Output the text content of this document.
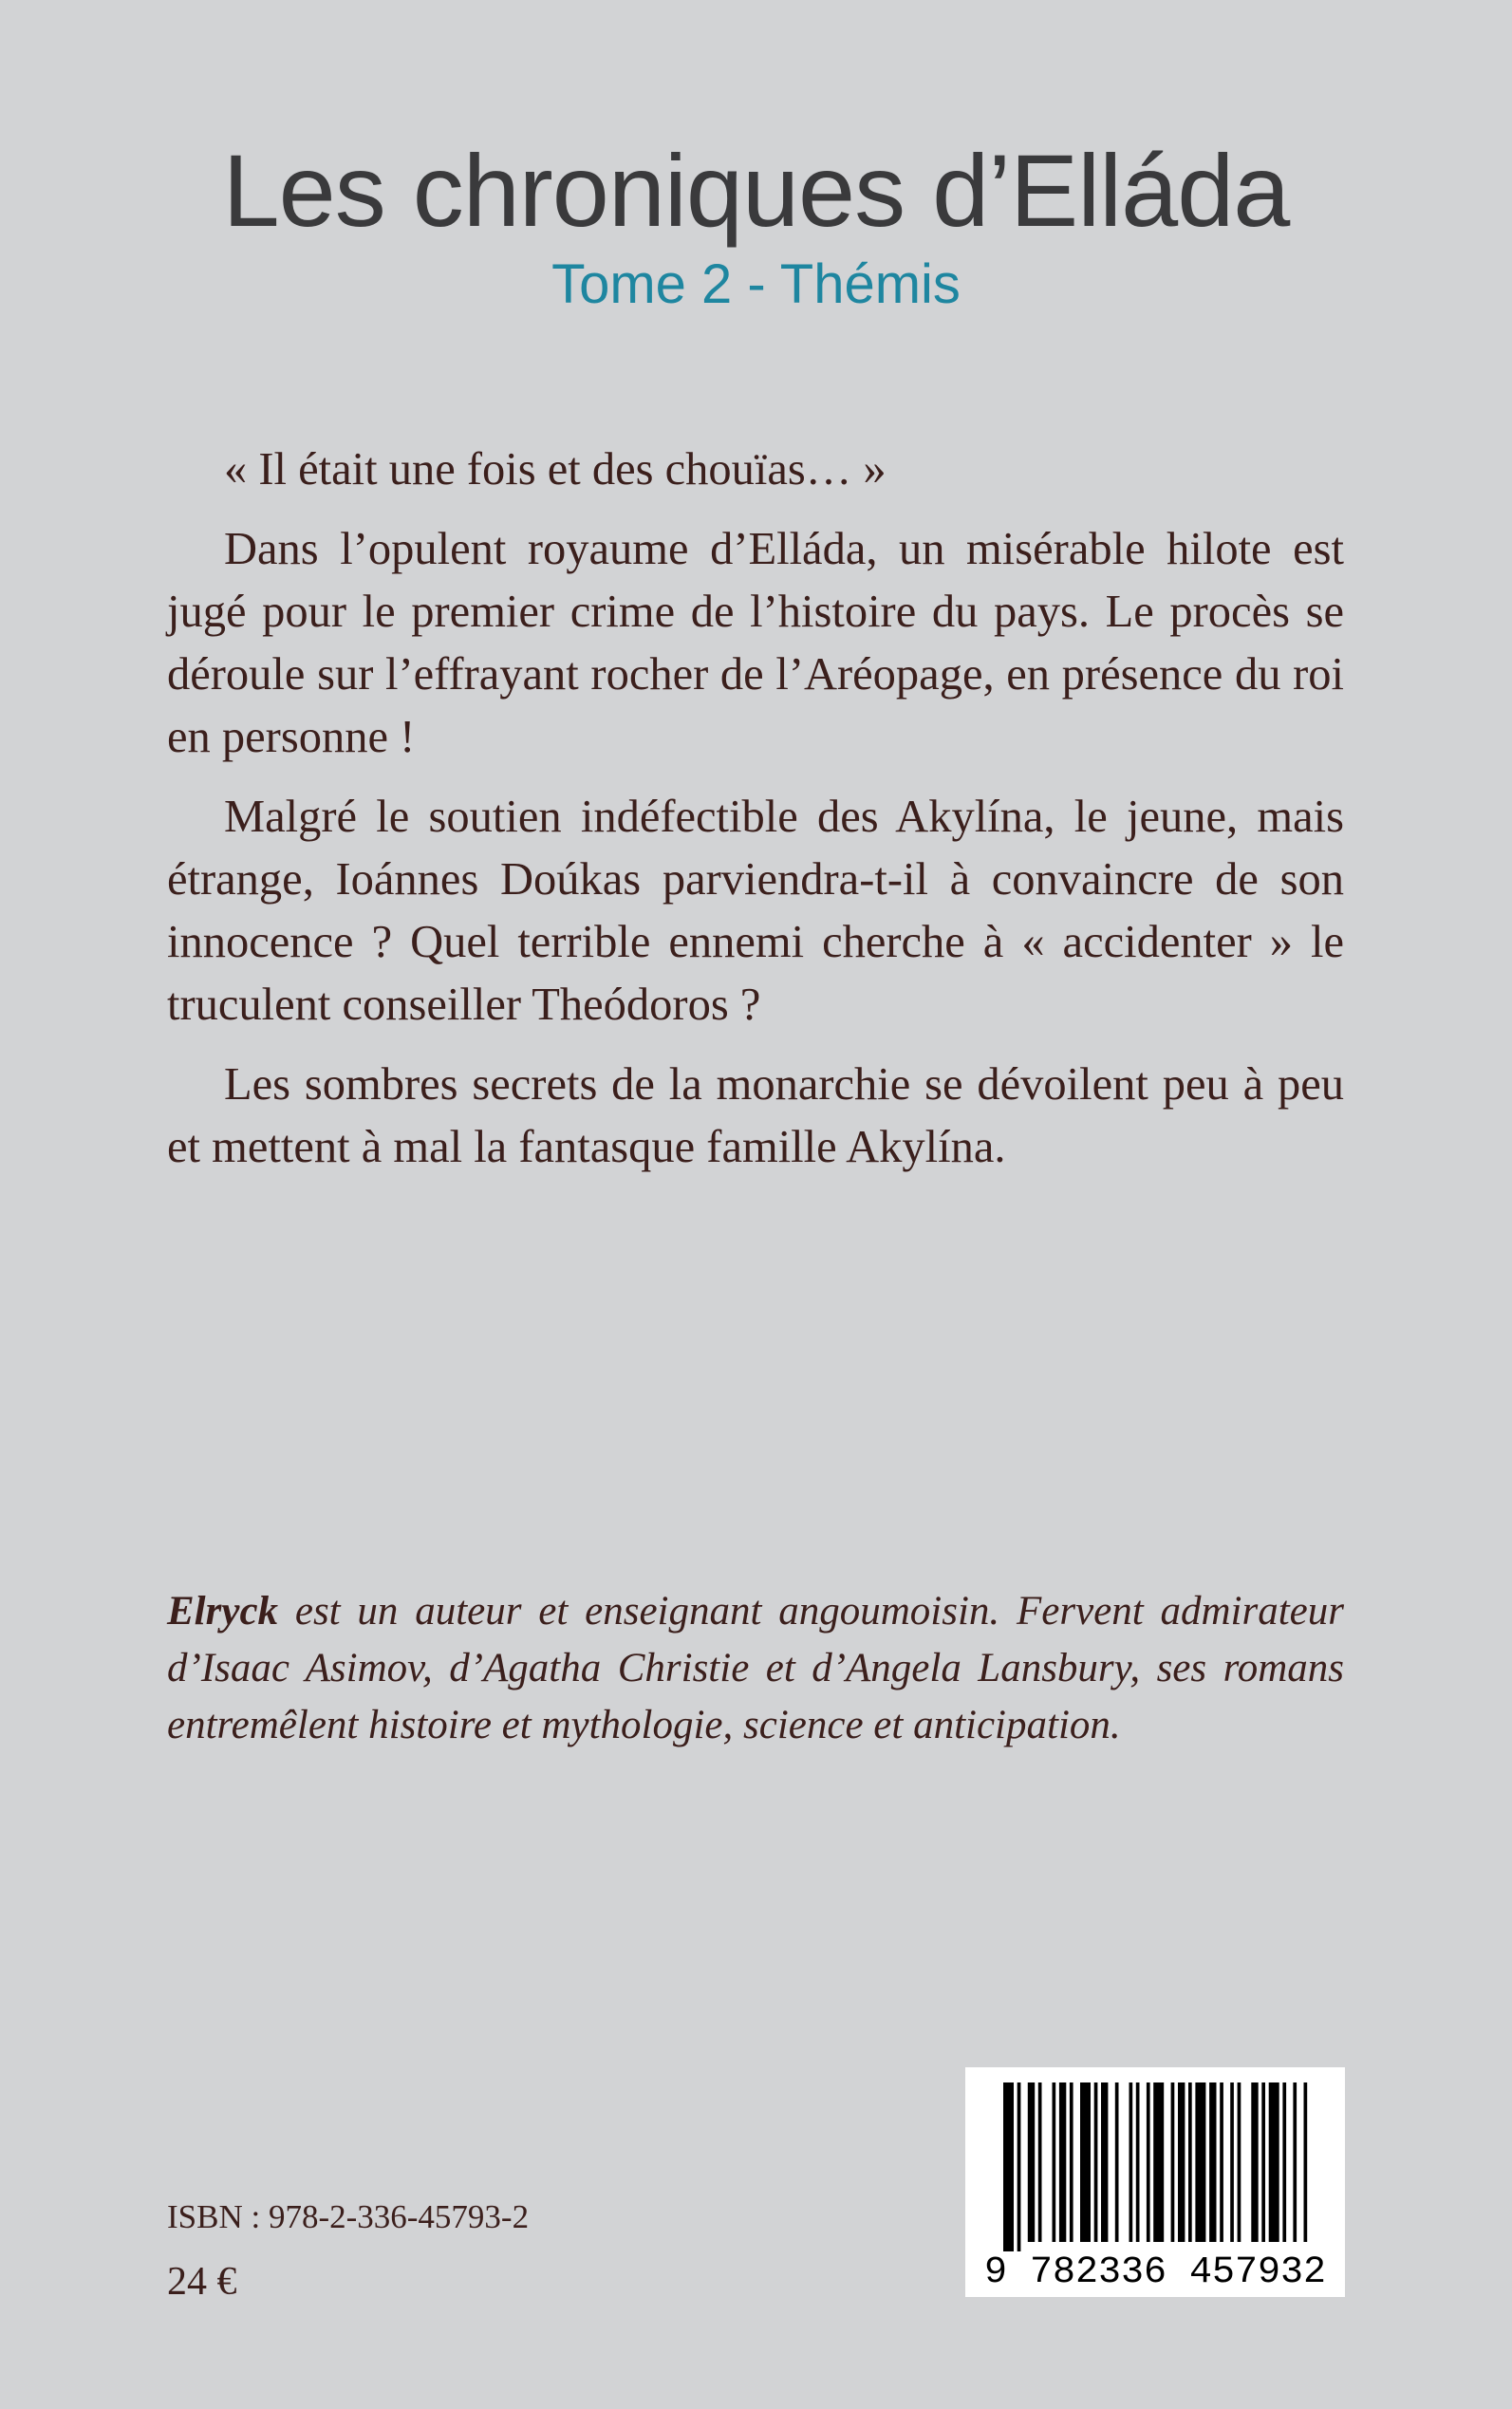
Les chroniques d’Elláda
Tome 2 - Thémis

« Il était une fois et des chouïas… »

Dans l’opulent royaume d’Elláda, un misérable hilote est jugé pour le premier crime de l’histoire du pays. Le procès se déroule sur l’effrayant rocher de l’Aréopage, en présence du roi en personne !

Malgré le soutien indéfectible des Akylína, le jeune, mais étrange, Ioánnes Doúkas parviendra-t-il à convaincre de son innocence ? Quel terrible ennemi cherche à « accidenter » le truculent conseiller Theódoros ?

Les sombres secrets de la monarchie se dévoilent peu à peu et mettent à mal la fantasque famille Akylína.

Elryck est un auteur et enseignant angoumoisin. Fervent admirateur d’Isaac Asimov, d’Agatha Christie et d’Angela Lansbury, ses romans entremêlent histoire et mythologie, science et anticipation.

ISBN : 978-2-336-45793-2

24 €	9 782336 457932
